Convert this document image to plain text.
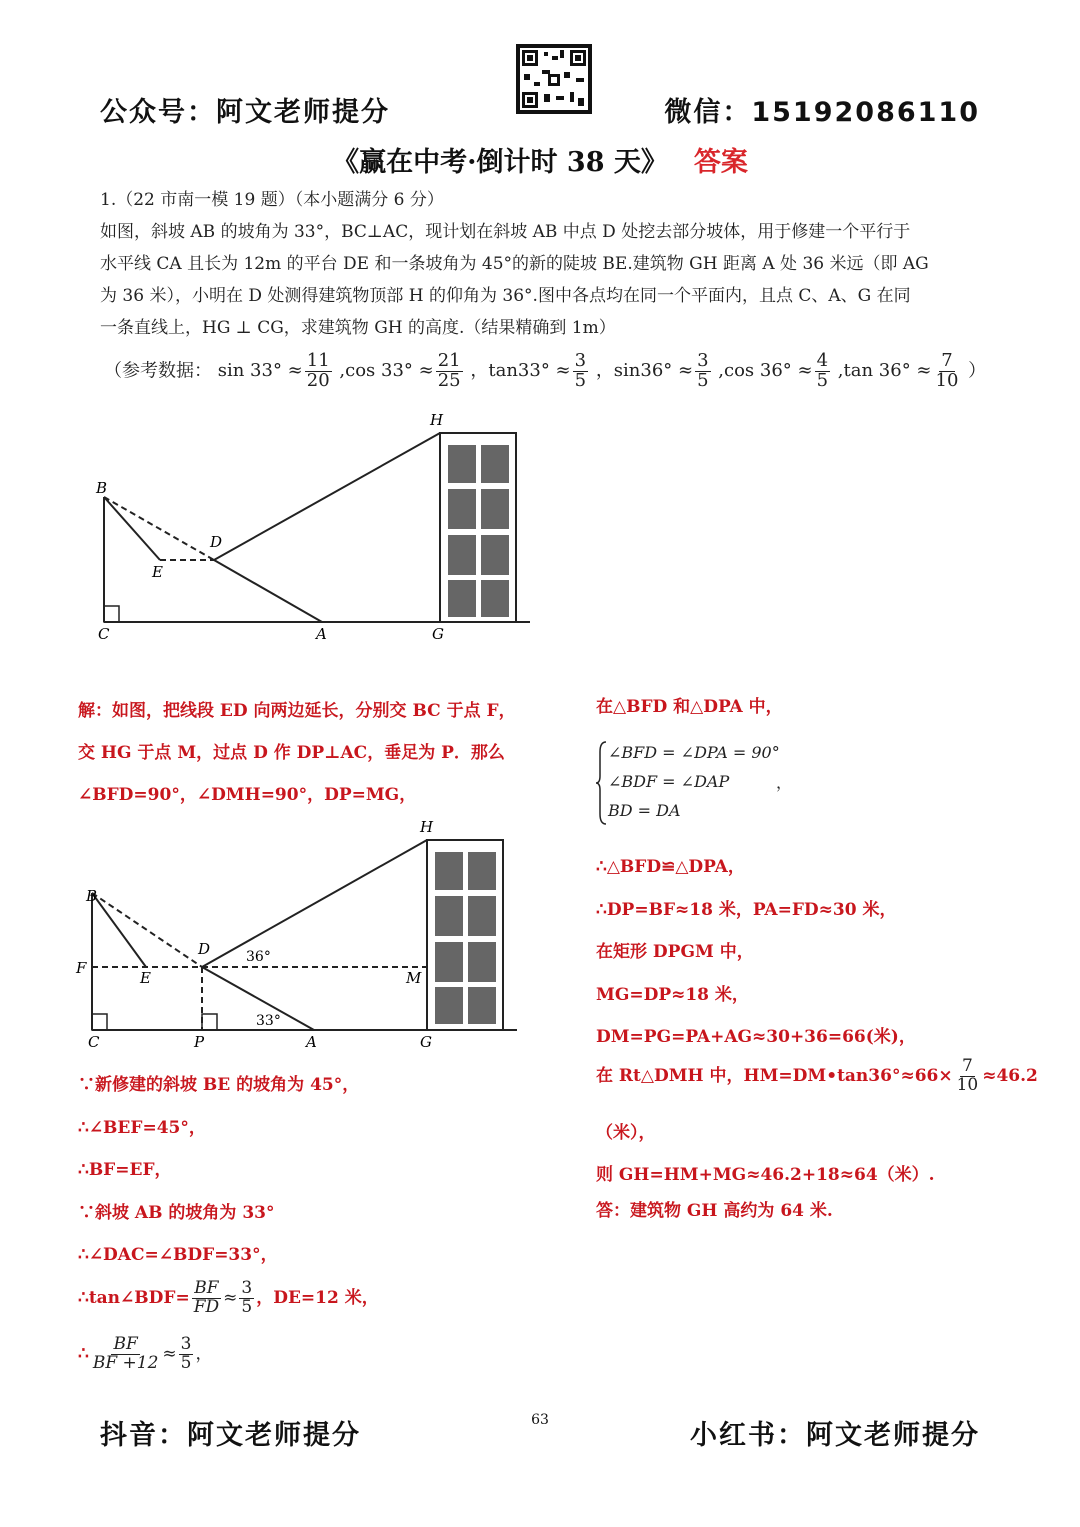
公众号：阿文老师提分	微信：15192086110
《赢在中考·倒计时 38 天》 答案
1.（22 市南一模 19 题）（本小题满分 6 分）
如图，斜坡 AB 的坡角为 33°，BC⊥AC，现计划在斜坡 AB 中点 D 处挖去部分坡体，用于修建一个平行于
水平线 CA 且长为 12m 的平台 DE 和一条坡角为 45°的新的陡坡 BE.建筑物 GH 距离 A 处 36 米远（即 AG
为 36 米），小明在 D 处测得建筑物顶部 H 的仰角为 36°.图中各点均在同一个平面内，且点 C、A、G 在同
一条直线上，HG ⊥ CG，求建筑物 GH 的高度.（结果精确到 1m）
（参考数据： $\sin 33^\circ \approx \frac{11}{20} ,\cos$ $33^\circ \approx \frac{21}{25}$ ，$\tan 33^\circ \approx \frac{3}{5}$ ，$\sin 36^\circ \approx \frac{3}{5} ,\cos$ $36^\circ \approx \frac{4}{5} ,\tan$ $36^\circ \approx \frac{7}{10}$ ）
H
B
D
E
C	A	G
解：如图，把线段 ED 向两边延长，分别交 BC 于点 F，
交 HG 于点 M，过点 D 作 DP⊥AC，垂足为 P．那么
∠BFD=90°，∠DMH=90°，DP=MG，
H
B
D
F
E	M
C	P	A	G
36°
33°
∵新修建的斜坡 BE 的坡角为 45°，
∴∠BEF=45°，
∴BF=EF，
∵斜坡 AB 的坡角为 33°
∴∠DAC=∠BDF=33°，
∴tan∠BDF= $\frac{BF}{FD} \approx \frac{3}{5}$ ，DE=12 米，
∴ $\frac{BF}{BF +12} \approx \frac{3}{5}$ ，
在△BFD 和△DPA 中，
∠BFD = ∠DPA = 90°
∠BDF = ∠DAP
BD = DA
，
∴△BFD≌△DPA，
∴DP=BF≈18 米，PA=FD≈30 米，
在矩形 DPGM 中，
MG=DP≈18 米，
DM=PG=PA+AG≈30+36=66(米)，
在 Rt△DMH 中，HM=DM•tan36°≈66× $\frac{7}{10} \approx 46.2$
（米），
则 GH=HM+MG≈46.2+18≈64（米）.
答：建筑物 GH 高约为 64 米.
抖音：阿文老师提分	63	小红书：阿文老师提分
